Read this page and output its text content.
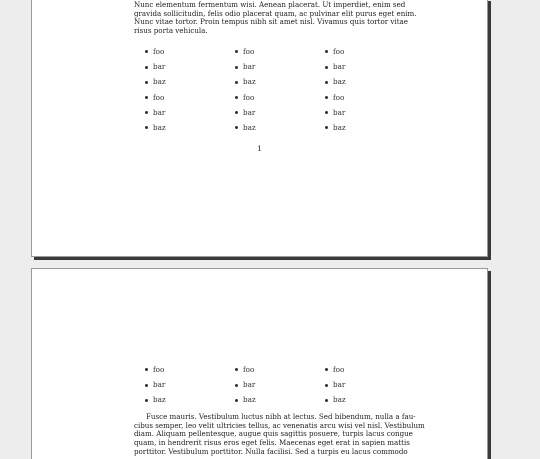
Nunc elementum fermentum wisi. Aenean placerat. Ut imperdiet, enim sed
gravida sollicitudin, felis odio placerat quam, ac pulvinar elit purus eget enim.
Nunc vitae tortor. Proin tempus nibh sit amet nisl. Vivamus quis tortor vitae
risus porta vehicula.

foo
bar
baz
foo
bar
baz
foo
bar
baz
foo
bar
baz
foo
bar
baz
foo
bar
baz
1
foo
bar
baz
foo
bar
baz
foo
bar
baz

Fusce mauris. Vestibulum luctus nibh at lectus. Sed bibendum, nulla a fau-
cibus semper, leo velit ultricies tellus, ac venenatis arcu wisi vel nisl. Vestibulum
diam. Aliquam pellentesque, augue quis sagittis posuere, turpis lacus congue
quam, in hendrerit risus eros eget felis. Maecenas eget erat in sapien mattis
porttitor. Vestibulum porttitor. Nulla facilisi. Sed a turpis eu lacus commodo
